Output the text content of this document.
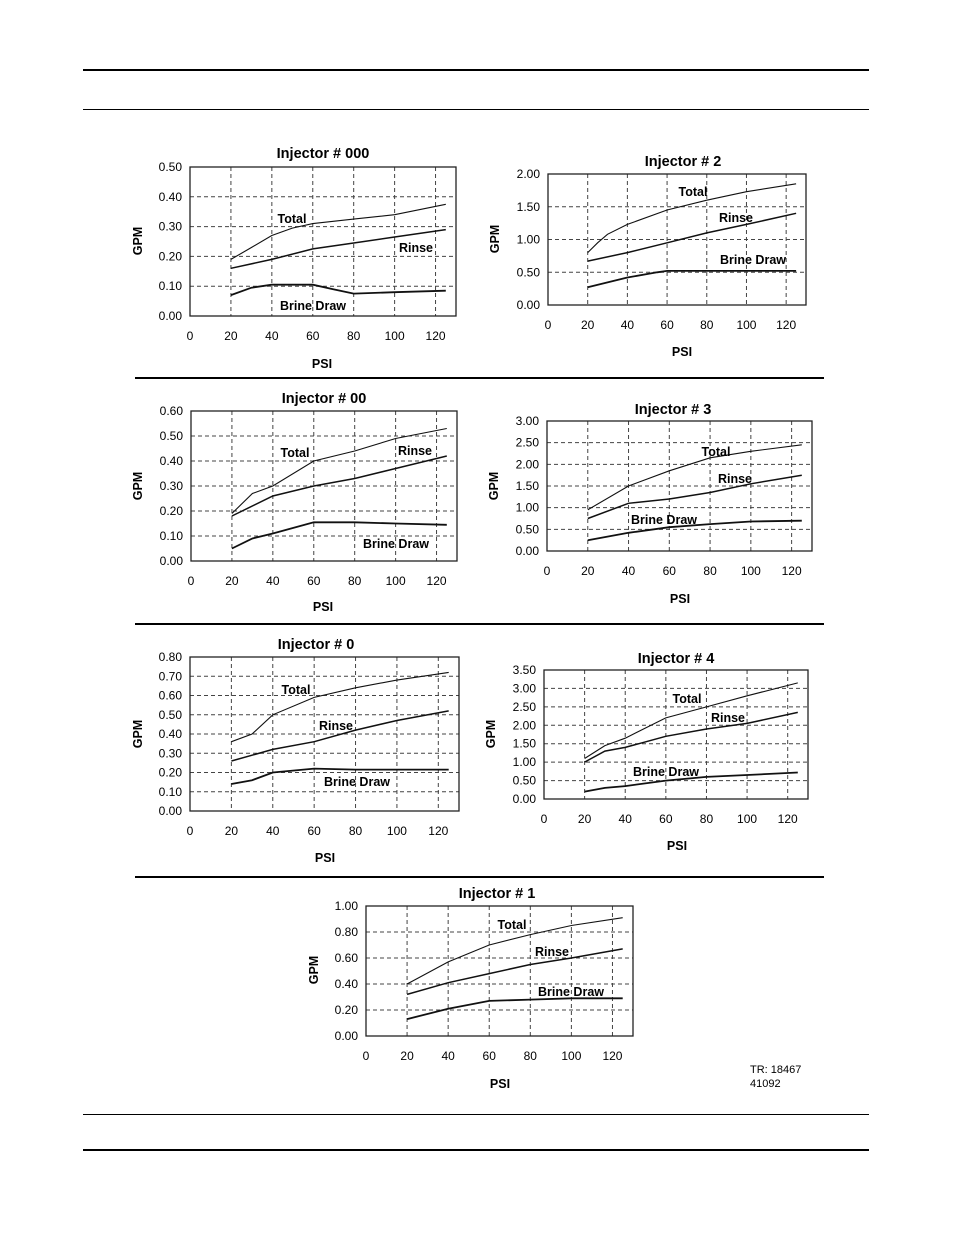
0	20 40 60 80 100 120
0.00
0.10
0.20
0.30
0.40
0.50
Injector # 000
PSI
GPM
Total
Rinse
Brine Draw
0 20 40 60 80 100 120
0.00
0.50
1.00
1.50
2.00
Injector # 2
PSI
GPM
Total
Rinse
Brine Draw
0	20 40 60 80 100 120
0.00
0.10
0.20
0.30
0.40
0.50
0.60
Injector # 00
PSI
GPM
Total	Rinse
Brine Draw
0	20 40 60 80 100 120
0.00
0.50
1.00
1.50
2.00
2.50
3.00
Injector # 3
PSI
GPM
Total
Rinse
Brine Draw
0	20 40 60 80 100 120
0.00
0.10
0.20
0.30
0.40
0.50
0.60
0.70
0.80
Injector # 0
PSI
GPM
Total
Rinse
Brine Draw
0	20 40 60 80 100 120
0.00
0.50
1.00
1.50
2.00
2.50
3.00
3.50
Injector # 4
PSI
GPM
Total
Rinse
Brine Draw
0	20 40 60 80 100 120
0.00
0.20
0.40
0.60
0.80
1.00
Injector # 1
PSI
GPM
Total
Rinse
Brine Draw
TR: 18467
41092
